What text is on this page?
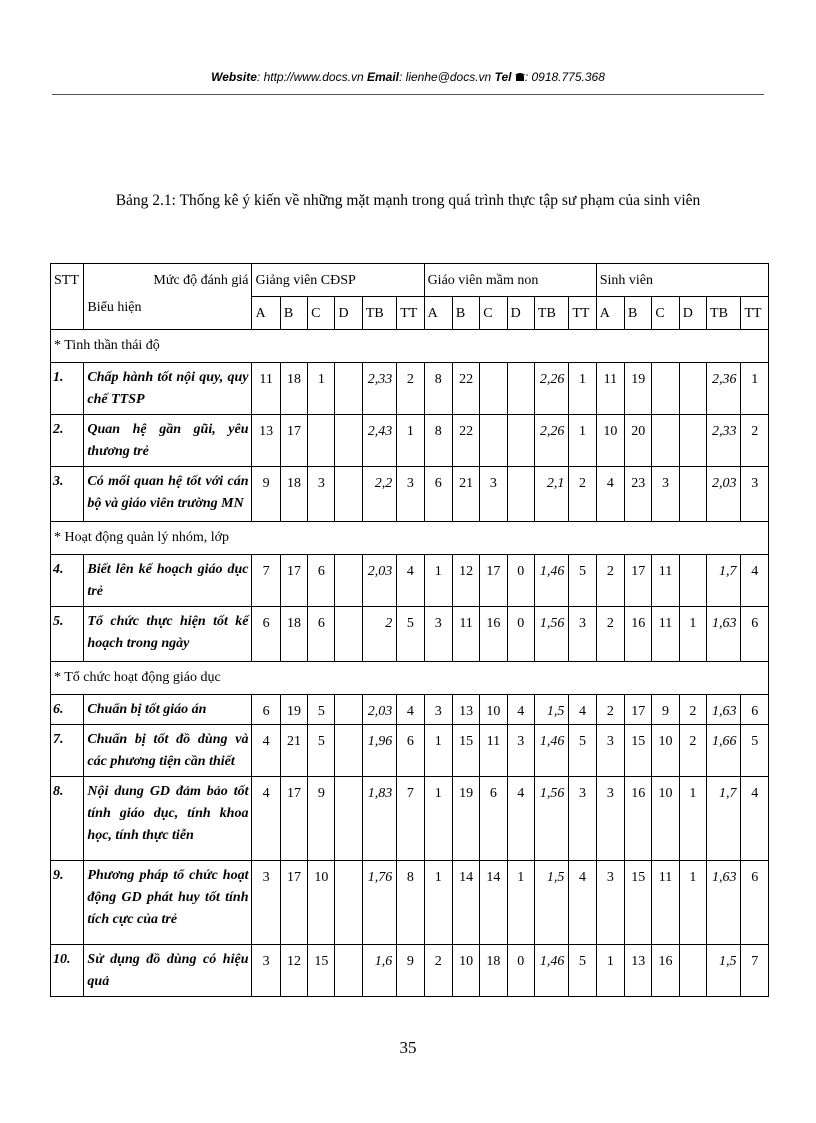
Website: http://www.docs.vn Email: lienhe@docs.vn Tel : 0918.775.368
Bảng 2.1: Thống kê ý kiến về những mặt mạnh trong quá trình thực tập sư phạm của sinh viên
STT	Mức độ đánh giá	Giảng viên CĐSP						Giáo viên mầm non						Sinh viên					
	Biểu hiện	A	B	C	D	TB	TT	A	B	C	D	TB	TT	A	B	C	D	TB	TT
* Tinh thần thái độ																			
1.	Chấp hành tốt nội quy, quy chế TTSP	11	18	1		2,33	2	8	22			2,26	1	11	19			2,36	1
2.	Quan hệ gần gũi, yêu thương trẻ	13	17			2,43	1	8	22			2,26	1	10	20			2,33	2
3.	Có mối quan hệ tốt với cán bộ và giáo viên trường MN	9	18	3		2,2	3	6	21	3		2,1	2	4	23	3		2,03	3
* Hoạt động quản lý nhóm, lớp																			
4.	Biết lên kế hoạch giáo dục trẻ	7	17	6		2,03	4	1	12	17	0	1,46	5	2	17	11		1,7	4
5.	Tổ chức thực hiện tốt kế hoạch trong ngày	6	18	6		2	5	3	11	16	0	1,56	3	2	16	11	1	1,63	6
* Tổ chức hoạt động giáo dục																			
6.	Chuẩn bị tốt giáo án	6	19	5		2,03	4	3	13	10	4	1,5	4	2	17	9	2	1,63	6
7.	Chuẩn bị tốt đồ dùng và các phương tiện cần thiết	4	21	5		1,96	6	1	15	11	3	1,46	5	3	15	10	2	1,66	5
8.	Nội dung GD đảm bảo tốt tính giáo dục, tính khoa học, tính thực tiễn	4	17	9		1,83	7	1	19	6	4	1,56	3	3	16	10	1	1,7	4
9.	Phương pháp tổ chức hoạt động GD phát huy tốt tính tích cực của trẻ	3	17	10		1,76	8	1	14	14	1	1,5	4	3	15	11	1	1,63	6
10.	Sử dụng đồ dùng có hiệu quả	3	12	15		1,6	9	2	10	18	0	1,46	5	1	13	16		1,5	7
35
